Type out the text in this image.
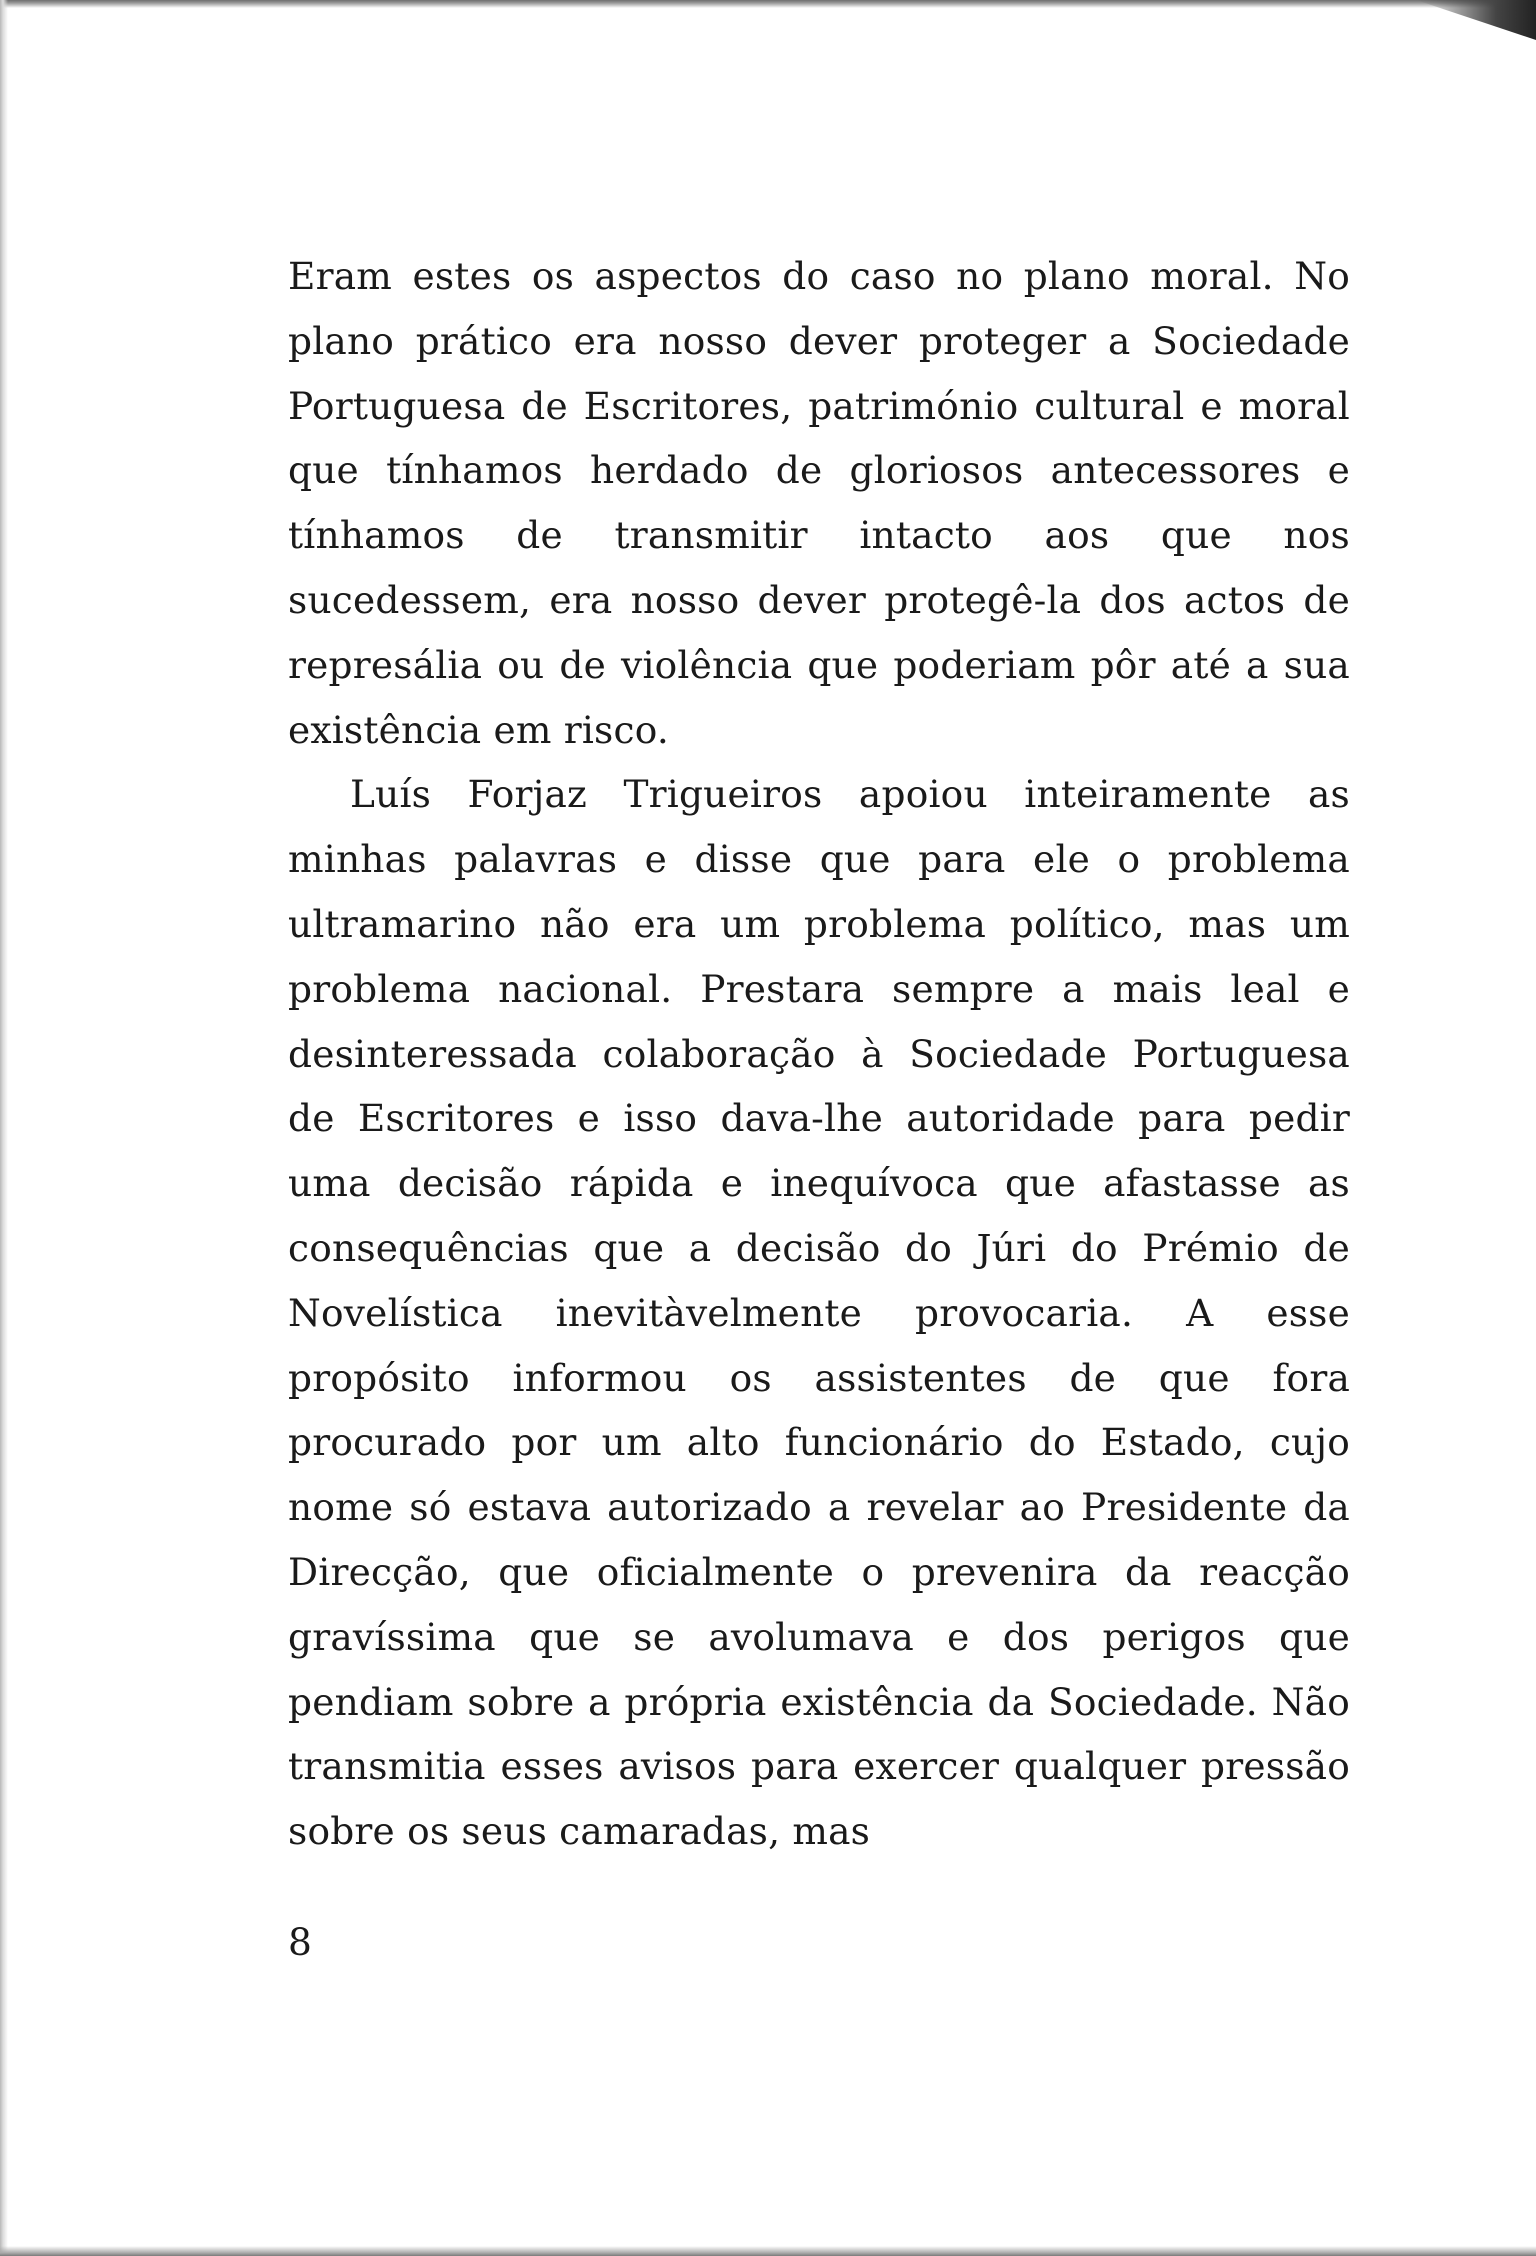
Eram estes os aspectos do caso no plano moral. No plano prático era nosso dever proteger a Sociedade Portuguesa de Escritores, património cultural e moral que tínhamos herdado de gloriosos antecessores e tínhamos de transmitir intacto aos que nos sucedessem, era nosso dever protegê-la dos actos de represália ou de violência que poderiam pôr até a sua existência em risco.

Luís Forjaz Trigueiros apoiou inteiramente as minhas palavras e disse que para ele o problema ultramarino não era um problema político, mas um problema nacional. Prestara sempre a mais leal e desinteressada colaboração à Sociedade Portuguesa de Escritores e isso dava-lhe autoridade para pedir uma decisão rápida e inequívoca que afastasse as consequências que a decisão do Júri do Prémio de Novelística inevitàvelmente provocaria. A esse propósito informou os assistentes de que fora procurado por um alto funcionário do Estado, cujo nome só estava autorizado a revelar ao Presidente da Direcção, que oficialmente o prevenira da reacção gravíssima que se avolumava e dos perigos que pendiam sobre a própria existência da Sociedade. Não transmitia esses avisos para exercer qualquer pressão sobre os seus camaradas, mas

8
